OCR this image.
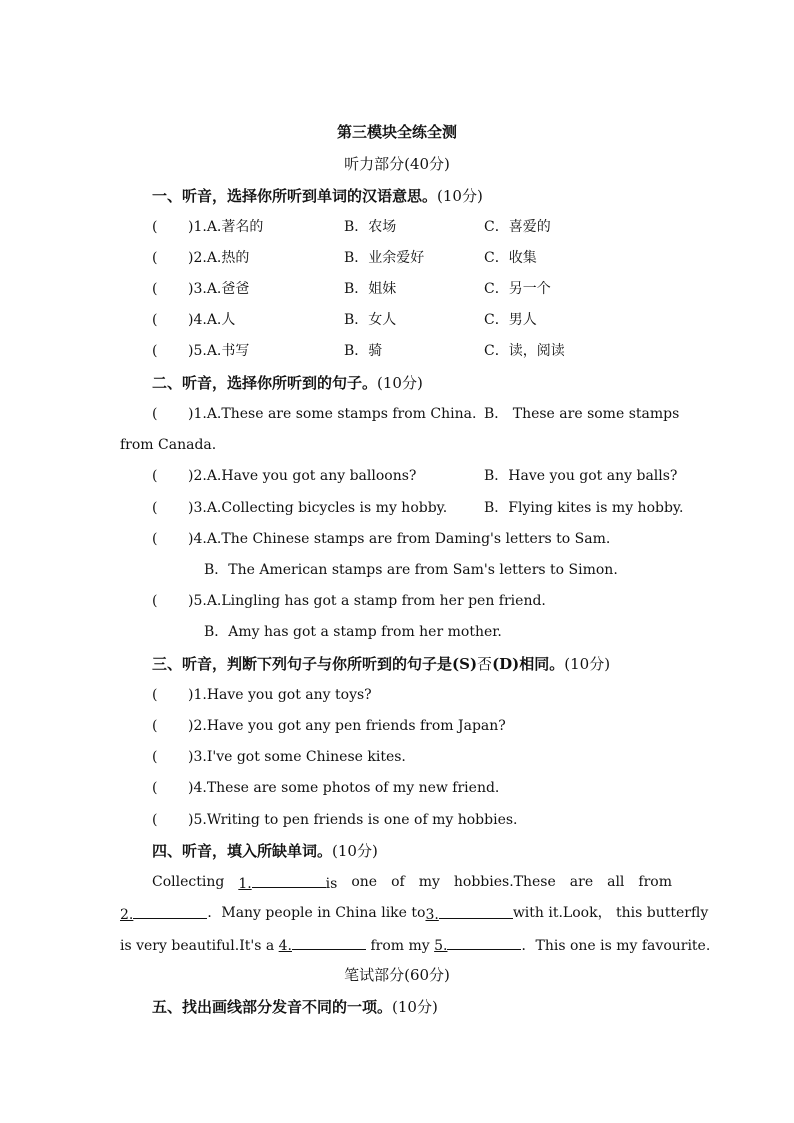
第三模块全练全测
听力部分(40分)
一、听音，选择你所听到单词的汉语意思。(10分)
( )1.A.著名的	B．农场	C．喜爱的
( )2.A.热的	B．业余爱好	C．收集
( )3.A.爸爸	B．姐妹	C．另一个
( )4.A.人	B．女人	C．男人
( )5.A.书写	B．骑	C．读，阅读
二、听音，选择你所听到的句子。(10分)
( )1.A.These are some stamps from China. B． These are some stamps
from Canada.
( )2.A.Have you got any balloons?	B．Have you got any balls?
( )3.A.Collecting bicycles is my hobby.	B．Flying kites is my hobby.
( )4.A.The Chinese stamps are from Daming's letters to Sam.
B．The American stamps are from Sam's letters to Simon.
( )5.A.Lingling has got a stamp from her pen friend.
B．Amy has got a stamp from her mother.
三、听音，判断下列句子与你所听到的句子是(S)否(D)相同。(10分)
( )1.Have you got any toys?
( )2.Have you got any pen friends from Japan?
( )3.I've got some Chinese kites.
( )4.These are some photos of my new friend.
( )5.Writing to pen friends is one of my hobbies.
四、听音，填入所缺单词。(10分)
Collecting 1.	is one of my hobbies.These are all from
2.	．Many people in China like to 3.	with it.Look， this butterfly
is very beautiful.It's a 4.	from my 5.	．This one is my favourite.
笔试部分(60分)
五、找出画线部分发音不同的一项。(10分)
